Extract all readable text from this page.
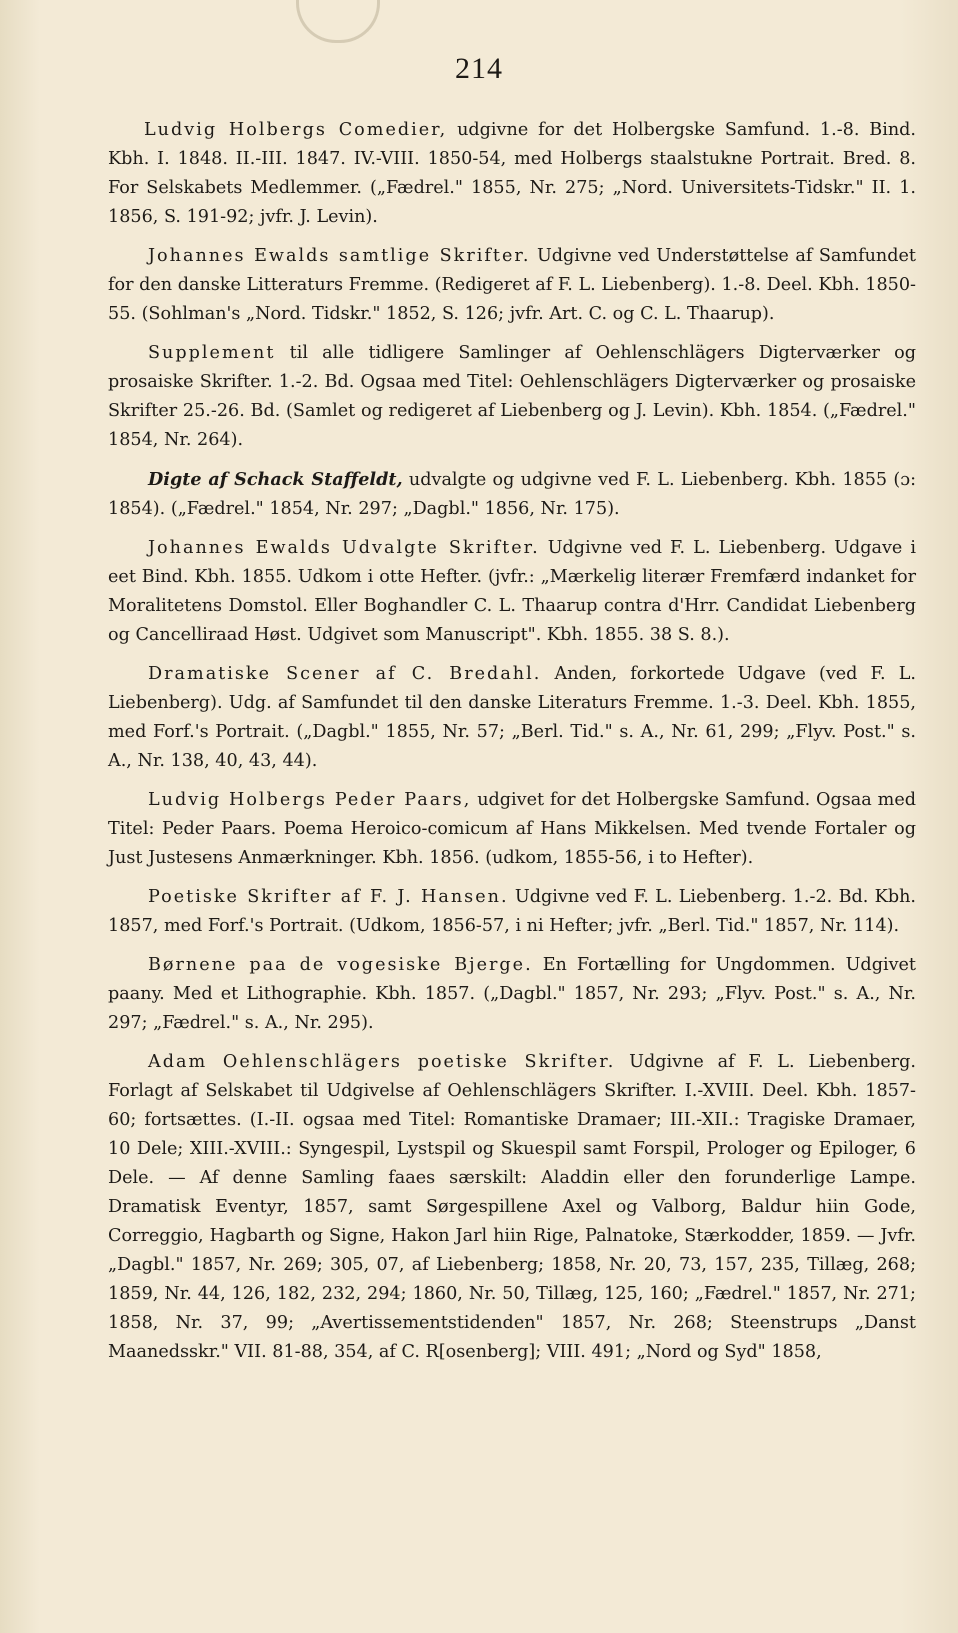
214

Ludvig Holbergs Comedier, udgivne for det Holbergske Samfund. 1.-8. Bind. Kbh. I. 1848. II.-III. 1847. IV.-VIII. 1850-54, med Holbergs staalstukne Portrait. Bred. 8. For Selskabets Medlemmer. („Fædrel." 1855, Nr. 275; „Nord. Universitets-Tidskr." II. 1. 1856, S. 191-92; jvfr. J. Levin).

Johannes Ewalds samtlige Skrifter. Udgivne ved Understøttelse af Samfundet for den danske Litteraturs Fremme. (Redigeret af F. L. Liebenberg). 1.-8. Deel. Kbh. 1850-55. (Sohlman's „Nord. Tidskr." 1852, S. 126; jvfr. Art. C. og C. L. Thaarup).

Supplement til alle tidligere Samlinger af Oehlenschlägers Digterværker og prosaiske Skrifter. 1.-2. Bd. Ogsaa med Titel: Oehlenschlägers Digterværker og prosaiske Skrifter 25.-26. Bd. (Samlet og redigeret af Liebenberg og J. Levin). Kbh. 1854. („Fædrel." 1854, Nr. 264).

Digte af Schack Staffeldt, udvalgte og udgivne ved F. L. Liebenberg. Kbh. 1855 (ɔ: 1854). („Fædrel." 1854, Nr. 297; „Dagbl." 1856, Nr. 175).

Johannes Ewalds Udvalgte Skrifter. Udgivne ved F. L. Liebenberg. Udgave i eet Bind. Kbh. 1855. Udkom i otte Hefter. (jvfr.: „Mærkelig literær Fremfærd indanket for Moralitetens Domstol. Eller Boghandler C. L. Thaarup contra d'Hrr. Candidat Liebenberg og Cancelliraad Høst. Udgivet som Manuscript". Kbh. 1855. 38 S. 8.).

Dramatiske Scener af C. Bredahl. Anden, forkortede Udgave (ved F. L. Liebenberg). Udg. af Samfundet til den danske Literaturs Fremme. 1.-3. Deel. Kbh. 1855, med Forf.'s Portrait. („Dagbl." 1855, Nr. 57; „Berl. Tid." s. A., Nr. 61, 299; „Flyv. Post." s. A., Nr. 138, 40, 43, 44).

Ludvig Holbergs Peder Paars, udgivet for det Holbergske Samfund. Ogsaa med Titel: Peder Paars. Poema Heroico-comicum af Hans Mikkelsen. Med tvende Fortaler og Just Justesens Anmærkninger. Kbh. 1856. (udkom, 1855-56, i to Hefter).

Poetiske Skrifter af F. J. Hansen. Udgivne ved F. L. Liebenberg. 1.-2. Bd. Kbh. 1857, med Forf.'s Portrait. (Udkom, 1856-57, i ni Hefter; jvfr. „Berl. Tid." 1857, Nr. 114).

Børnene paa de vogesiske Bjerge. En Fortælling for Ungdommen. Udgivet paany. Med et Lithographie. Kbh. 1857. („Dagbl." 1857, Nr. 293; „Flyv. Post." s. A., Nr. 297; „Fædrel." s. A., Nr. 295).

Adam Oehlenschlägers poetiske Skrifter. Udgivne af F. L. Liebenberg. Forlagt af Selskabet til Udgivelse af Oehlenschlägers Skrifter. I.-XVIII. Deel. Kbh. 1857-60; fortsættes. (I.-II. ogsaa med Titel: Romantiske Dramaer; III.-XII.: Tragiske Dramaer, 10 Dele; XIII.-XVIII.: Syngespil, Lystspil og Skuespil samt Forspil, Prologer og Epiloger, 6 Dele. — Af denne Samling faaes særskilt: Aladdin eller den forunderlige Lampe. Dramatisk Eventyr, 1857, samt Sørgespillene Axel og Valborg, Baldur hiin Gode, Correggio, Hagbarth og Signe, Hakon Jarl hiin Rige, Palnatoke, Stærkodder, 1859. — Jvfr. „Dagbl." 1857, Nr. 269; 305, 07, af Liebenberg; 1858, Nr. 20, 73, 157, 235, Tillæg, 268; 1859, Nr. 44, 126, 182, 232, 294; 1860, Nr. 50, Tillæg, 125, 160; „Fædrel." 1857, Nr. 271; 1858, Nr. 37, 99; „Avertissementstidenden" 1857, Nr. 268; Steenstrups „Danst Maanedsskr." VII. 81-88, 354, af C. R[osenberg]; VIII. 491; „Nord og Syd" 1858,
